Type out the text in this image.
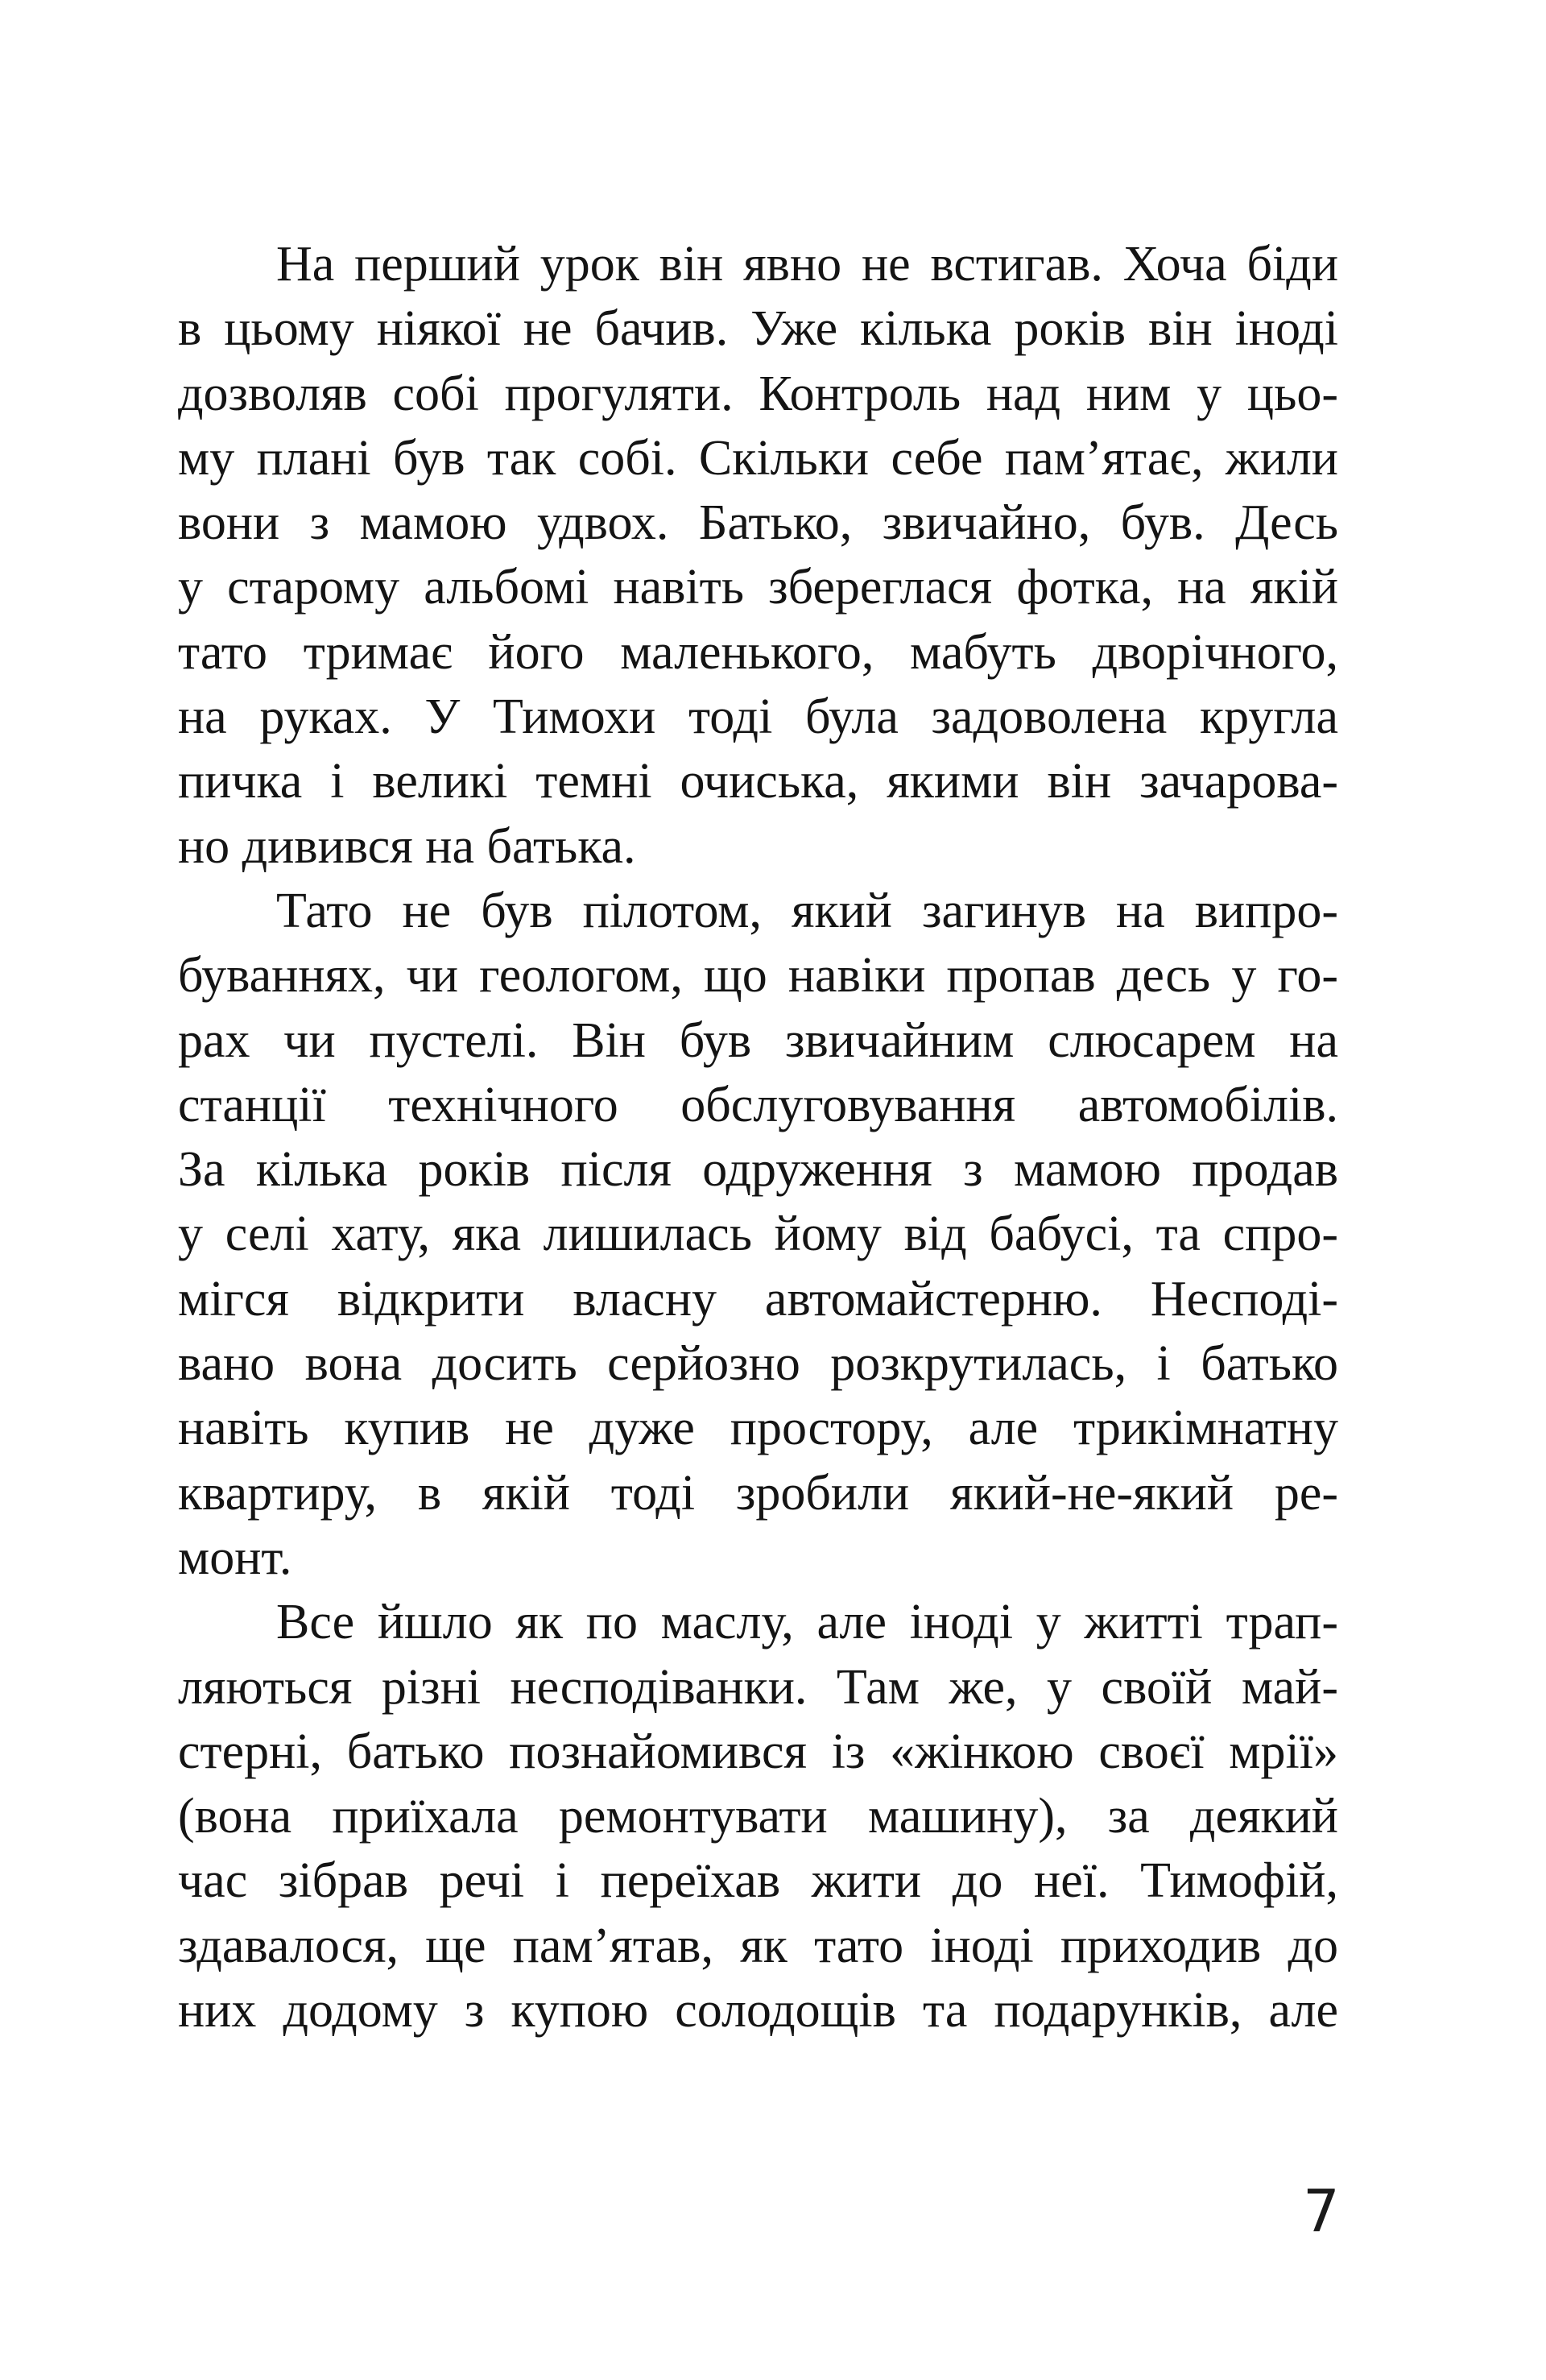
На перший урок він явно не встигав. Хоча біди
в цьому ніякої не бачив. Уже кілька років він іноді
дозволяв собі прогуляти. Контроль над ним у цьо-
му плані був так собі. Скільки себе пам’ятає, жили
вони з мамою удвох. Батько, звичайно, був. Десь
у старому альбомі навіть збереглася фотка, на якій
тато тримає його маленького, мабуть дворічного,
на руках. У Тимохи тоді була задоволена кругла
пичка і великі темні очиська, якими він зачарова-
но дивився на батька.
Тато не був пілотом, який загинув на випро-
буваннях, чи геологом, що навіки пропав десь у го-
рах чи пустелі. Він був звичайним слюсарем на
станції технічного обслуговування автомобілів.
За кілька років після одруження з мамою продав
у селі хату, яка лишилась йому від бабусі, та спро-
мігся відкрити власну автомайстерню. Несподі-
вано вона досить серйозно розкрутилась, і батько
навіть купив не дуже простору, але трикімнатну
квартиру, в якій тоді зробили який-не-який ре-
монт.
Все йшло як по маслу, але іноді у житті трап-
ляються різні несподіванки. Там же, у своїй май-
стерні, батько познайомився із «жінкою своєї мрії»
(вона приїхала ремонтувати машину), за деякий
час зібрав речі і переїхав жити до неї. Тимофій,
здавалося, ще пам’ятав, як тато іноді приходив до
них додому з купою солодощів та подарунків, але
7
